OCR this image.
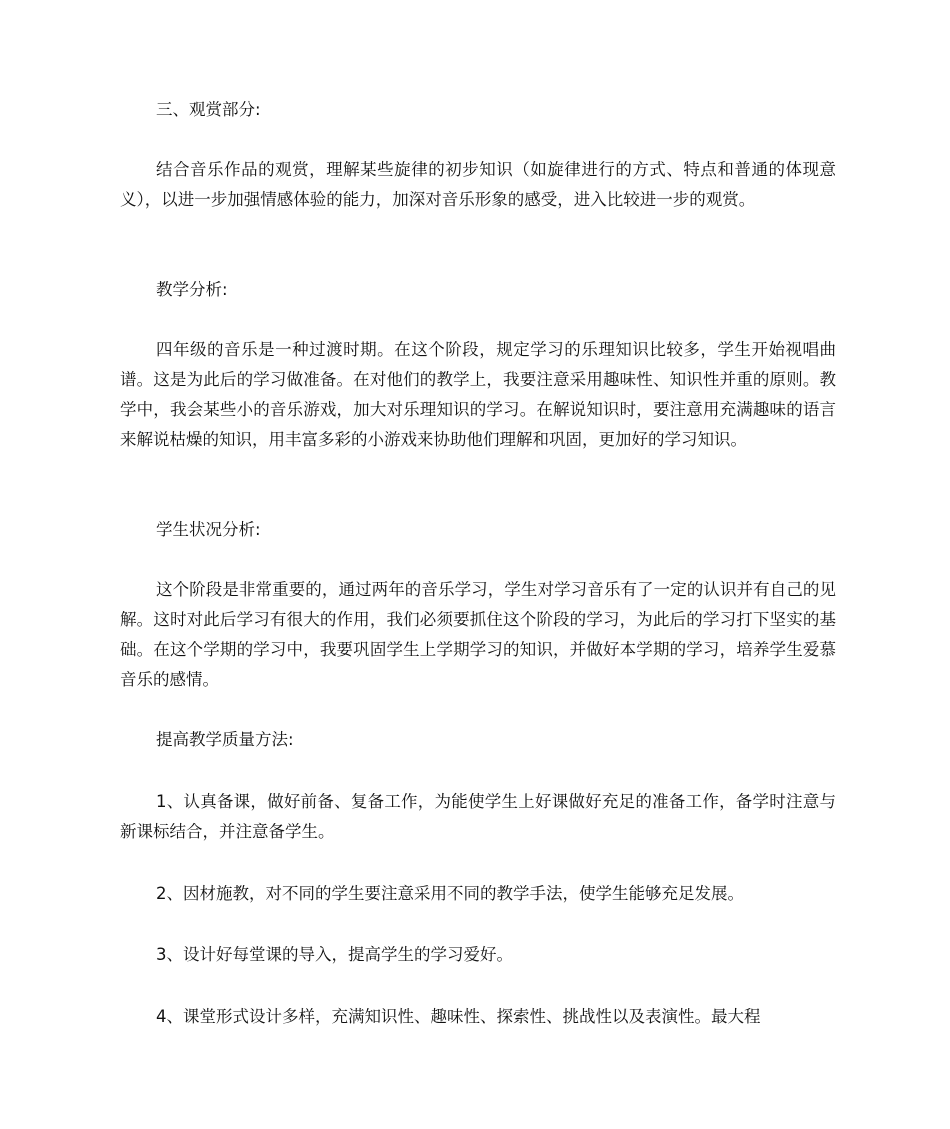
三、观赏部分:

结合音乐作品的观赏，理解某些旋律的初步知识（如旋律进行的方式、特点和普通的体现意义），以进一步加强情感体验的能力，加深对音乐形象的感受，进入比较进一步的观赏。

教学分析:

四年级的音乐是一种过渡时期。在这个阶段，规定学习的乐理知识比较多，学生开始视唱曲谱。这是为此后的学习做准备。在对他们的教学上，我要注意采用趣味性、知识性并重的原则。教学中，我会某些小的音乐游戏，加大对乐理知识的学习。在解说知识时，要注意用充满趣味的语言来解说枯燥的知识，用丰富多彩的小游戏来协助他们理解和巩固，更加好的学习知识。

学生状况分析:

这个阶段是非常重要的，通过两年的音乐学习，学生对学习音乐有了一定的认识并有自己的见解。这时对此后学习有很大的作用，我们必须要抓住这个阶段的学习，为此后的学习打下坚实的基础。在这个学期的学习中，我要巩固学生上学期学习的知识，并做好本学期的学习，培养学生爱慕音乐的感情。

提高教学质量方法:

1、认真备课，做好前备、复备工作，为能使学生上好课做好充足的准备工作，备学时注意与新课标结合，并注意备学生。

2、因材施教，对不同的学生要注意采用不同的教学手法，使学生能够充足发展。

3、设计好每堂课的导入，提高学生的学习爱好。

4、课堂形式设计多样，充满知识性、趣味性、探索性、挑战性以及表演性。最大程
